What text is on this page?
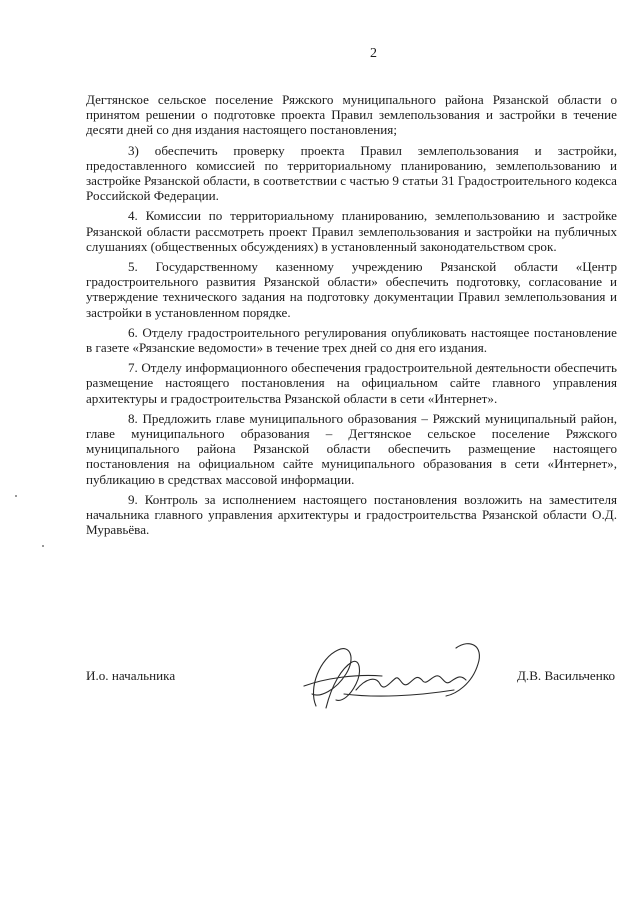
2

Дегтянское сельское поселение Ряжского муниципального района Рязанской области о принятом решении о подготовке проекта Правил землепользования и застройки в течение десяти дней со дня издания настоящего постановления;

3) обеспечить проверку проекта Правил землепользования и застройки, предоставленного комиссией по территориальному планированию, землепользованию и застройке Рязанской области, в соответствии с частью 9 статьи 31 Градостроительного кодекса Российской Федерации.

4. Комиссии по территориальному планированию, землепользованию и застройке Рязанской области рассмотреть проект Правил землепользования и застройки на публичных слушаниях (общественных обсуждениях) в установленный законодательством срок.

5. Государственному казенному учреждению Рязанской области «Центр градостроительного развития Рязанской области» обеспечить подготовку, согласование и утверждение технического задания на подготовку документации Правил землепользования и застройки в установленном порядке.

6. Отделу градостроительного регулирования опубликовать настоящее постановление в газете «Рязанские ведомости» в течение трех дней со дня его издания.

7. Отделу информационного обеспечения градостроительной деятельности обеспечить размещение настоящего постановления на официальном сайте главного управления архитектуры и градостроительства Рязанской области в сети «Интернет».

8. Предложить главе муниципального образования – Ряжский муниципальный район, главе муниципального образования – Дегтянское сельское поселение Ряжского муниципального района Рязанской области обеспечить размещение настоящего постановления на официальном сайте муниципального образования в сети «Интернет», публикацию в средствах массовой информации.

9. Контроль за исполнением настоящего постановления возложить на заместителя начальника главного управления архитектуры и градостроительства Рязанской области О.Д. Муравьёва.

И.о. начальника	Д.В. Васильченко
